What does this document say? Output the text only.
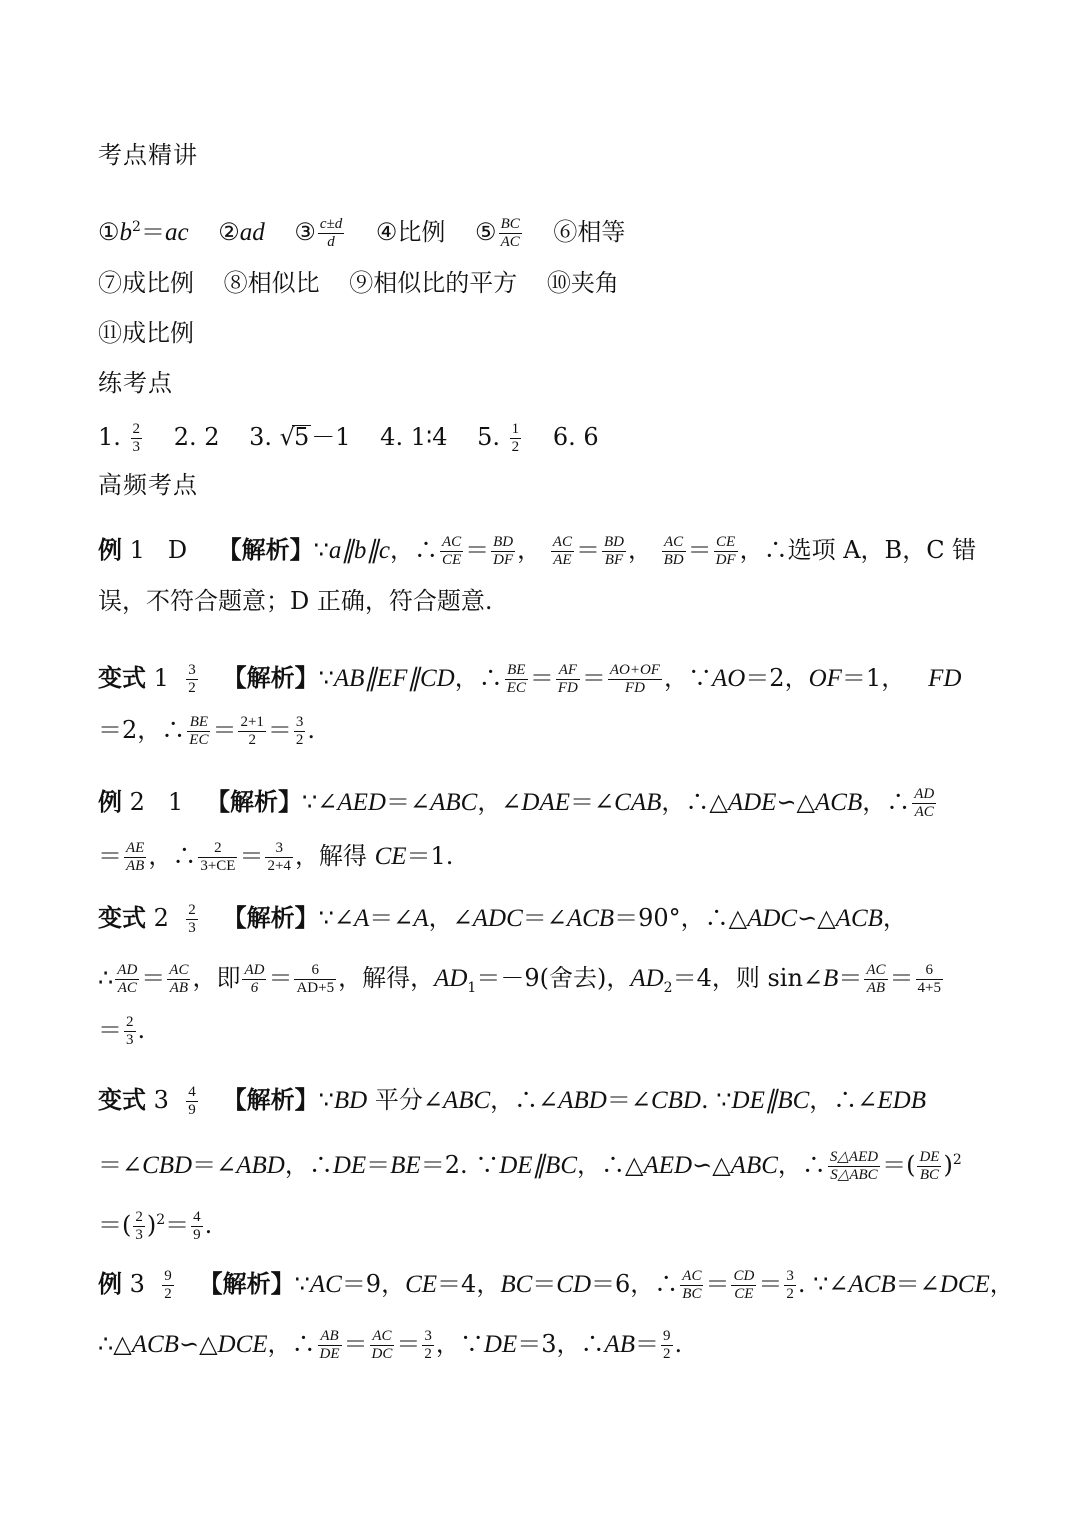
考点精讲
$①b^2=ac$ ②ad ③ $\frac{c\pm d}{d}$ ④比例 ⑤ $\frac{BC}{AC}$ ⑥相等
⑦成比例 ⑧相似比 ⑨相似比的平方 ⑩夹角
⑪成比例
练考点
1. $\frac{2}{3} 2$. 2 3. √5－1 4. 1∶4 5. $\frac{1}{2} 6$. 6
高频考点
例 1 D 【解析】∵a∥b∥c，∴ $\frac{AC}{CE} = \frac{BD}{DF}$ ， $\frac{AC}{AE} = \frac{BD}{BF}$ ， $\frac{AC}{BD} = \frac{CE}{DF}$ ，∴选项 A，B，C 错
误，不符合题意；D 正确，符合题意.
变式 $1 \frac{3}{2}$ 【解析】∵AB∥EF∥CD，∴ $\frac{BE}{EC} = \frac{AF}{FD} = \frac{AO+OF}{FD}$ ，∵AO＝2，OF＝1， FD
＝2，∴ $\frac{BE}{EC} = \frac{2+1}{2} = \frac{3}{2}$ .
例 2 1 【解析】∵∠AED＝∠ABC，∠DAE＝∠CAB，∴△ADE∽△ACB，∴ $\frac{AD}{AC}$
＝ $\frac{AE}{AB}$ ，∴ $\frac{2}{3+CE} = \frac{3}{2+4}$ ，解得 CE＝1.
变式 $2 \frac{2}{3}$ 【解析】∵∠A＝∠A，∠ADC＝∠ACB＝90°，∴△ADC∽△ACB，
∴ $\frac{AD}{AC} = \frac{AC}{AB}$ ，即 $\frac{AD}{6} = \frac{6}{AD+5}$ ，解得，$AD_1=-9$(舍去)，$AD_2=4$，则 sin∠B＝ $\frac{AC}{AB} = \frac{6}{4+5}$
＝ $\frac{2}{3}$ .
变式 $3 \frac{4}{9}$ 【解析】∵BD 平分∠ABC，∴∠ABD＝∠CBD. ∵DE∥BC，∴∠EDB
＝∠CBD＝∠ABD，∴DE＝BE＝2. ∵DE∥BC，∴△AED∽△ABC，∴ $\frac{\text{S△AED}}{\text{S△ABC}}$ ＝( $\frac{DE}{BC} )^2$
＝( $\frac{2}{3} )^2= \frac{4}{9}$ .
例 $3 \frac{9}{2}$ 【解析】∵AC＝9，CE＝4，BC＝CD＝6，∴ $\frac{AC}{BC} = \frac{CD}{CE} = \frac{3}{2}$ . ∵∠ACB＝∠DCE，
∴△ACB∽△DCE，∴ $\frac{AB}{DE} = \frac{AC}{DC} = \frac{3}{2}$ ，∵DE＝3，∴AB＝ $\frac{9}{2}$ .
